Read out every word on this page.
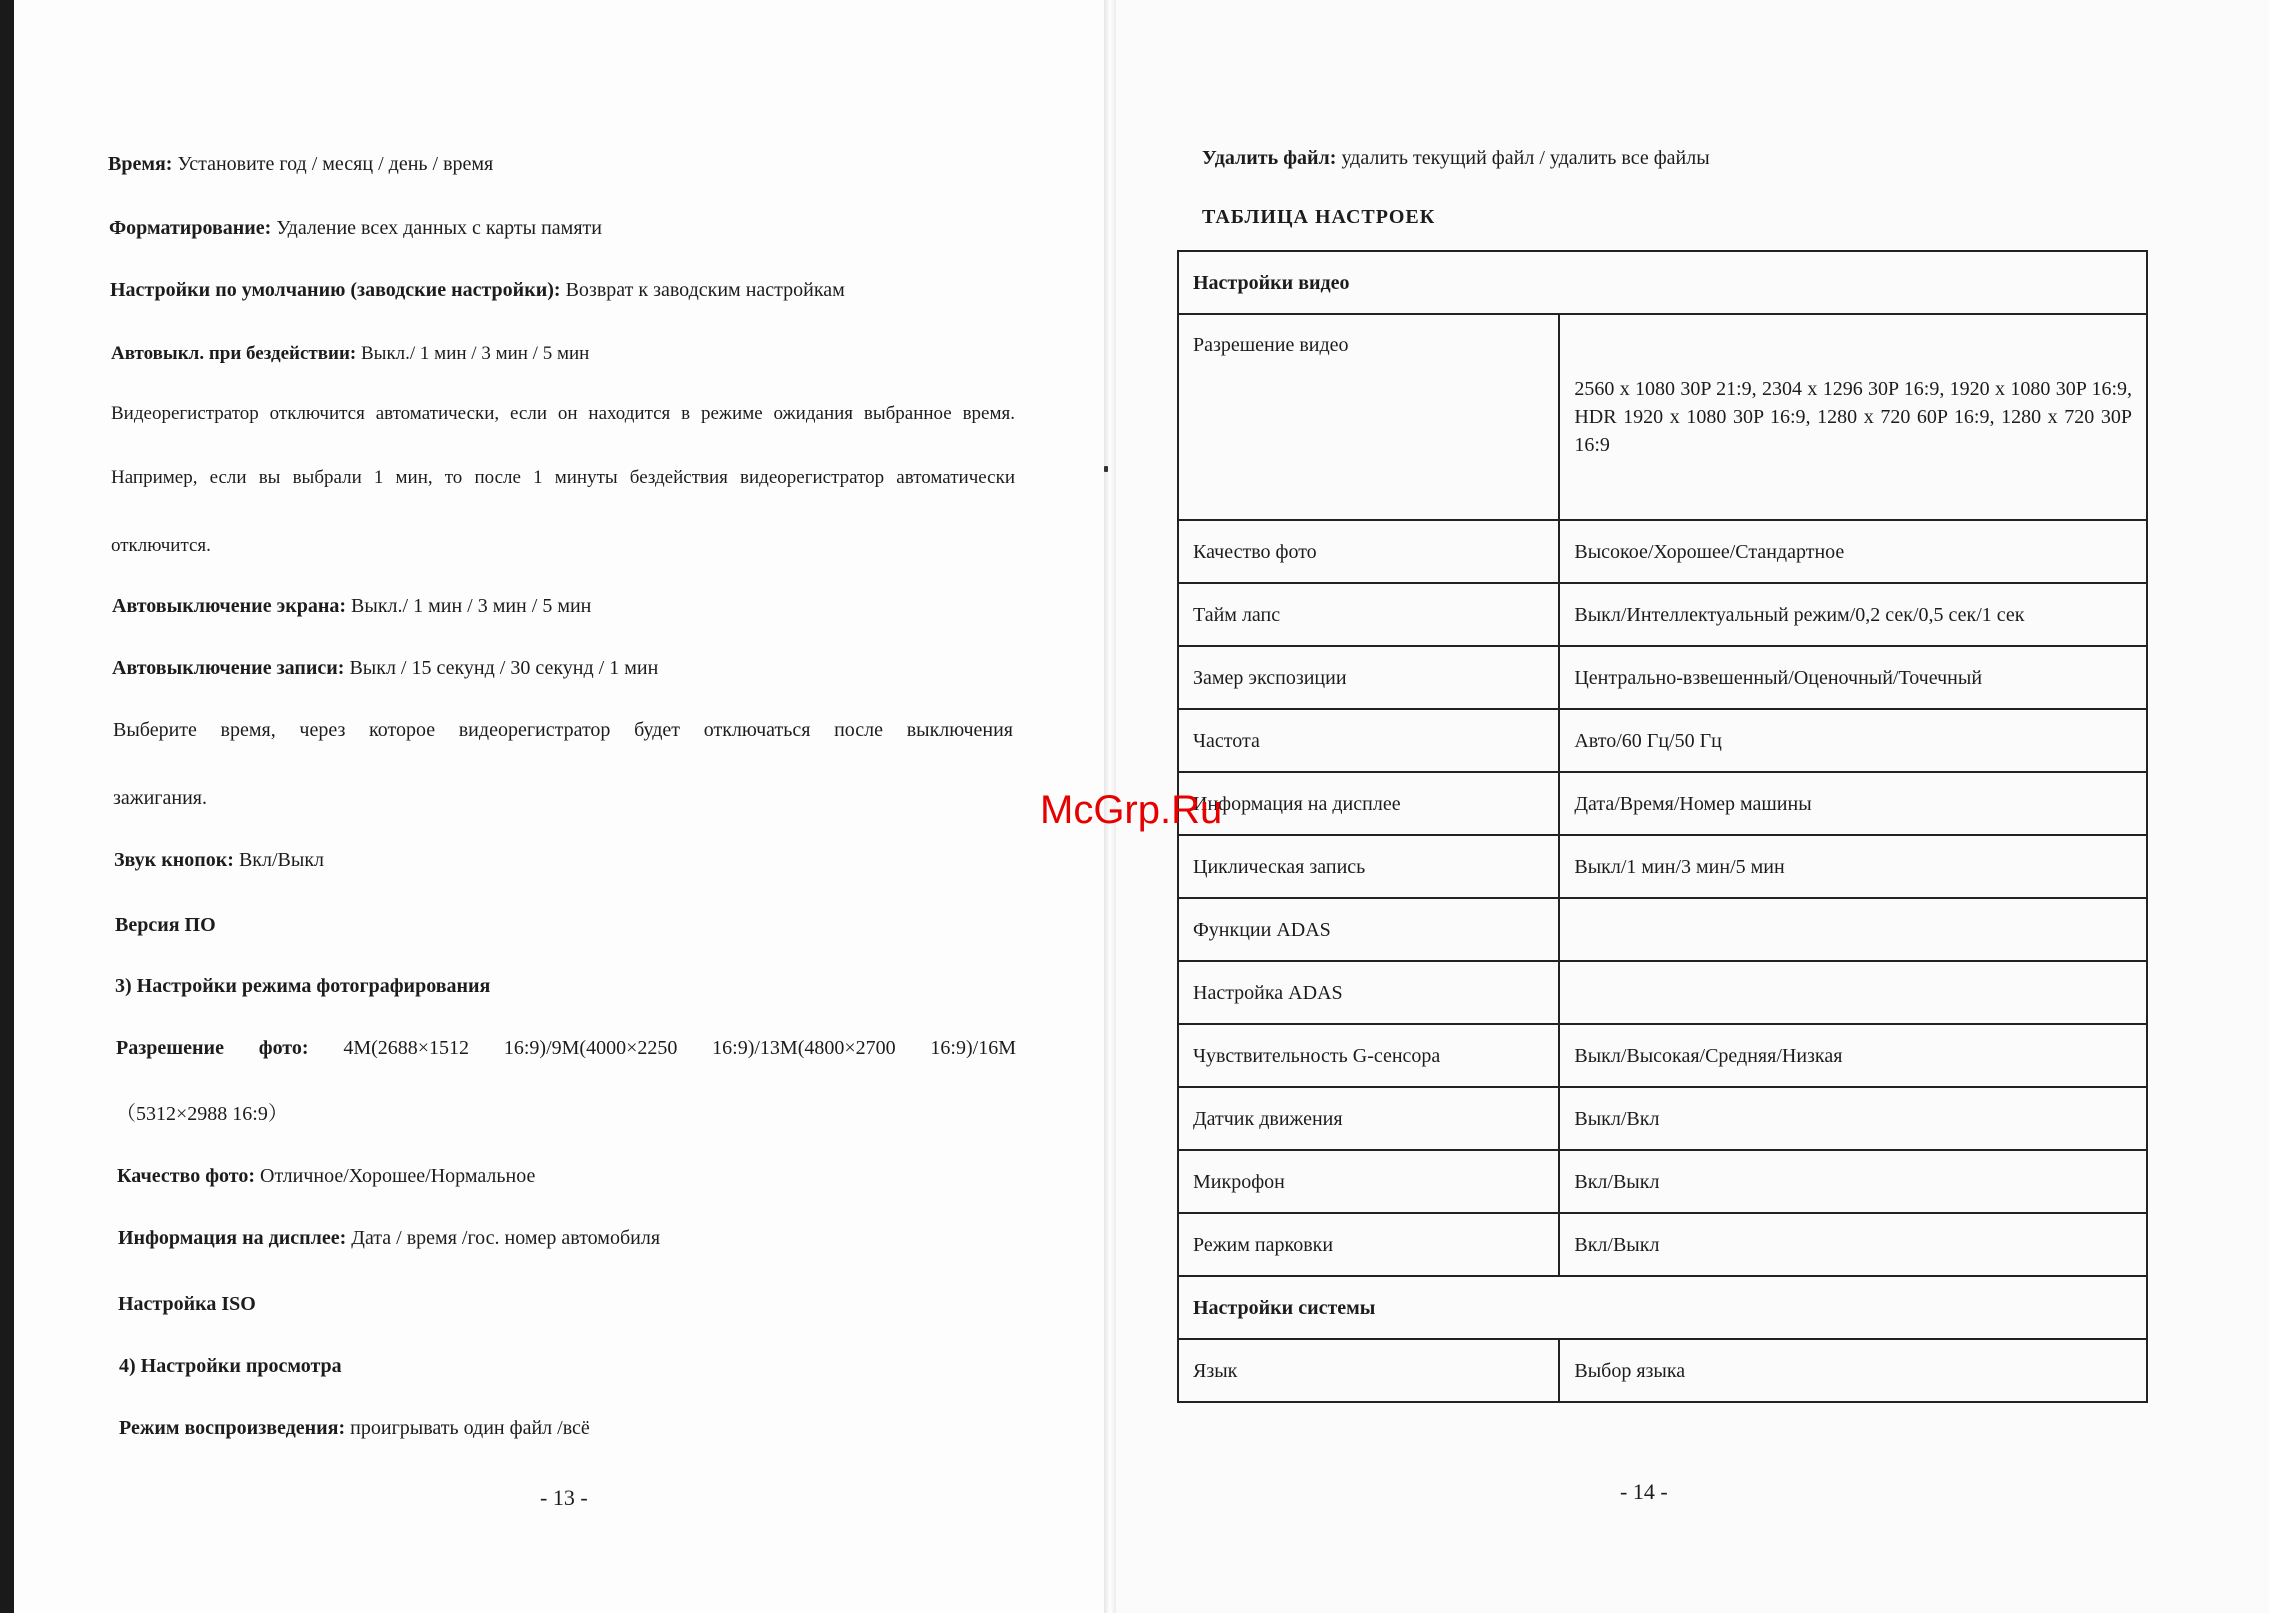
Время: Установите год / месяц / день / время

Форматирование: Удаление всех данных с карты памяти

Настройки по умолчанию (заводские настройки): Возврат к заводским настройкам

Автовыкл. при бездействии: Выкл./ 1 мин / 3 мин / 5 мин

Видеорегистратор отключится автоматически, если он находится в режиме ожидания выбранное время.

Например, если вы выбрали 1 мин, то после 1 минуты бездействия видеорегистратор автоматически

отключится.

Автовыключение экрана: Выкл./ 1 мин / 3 мин / 5 мин

Автовыключение записи: Выкл / 15 секунд / 30 секунд / 1 мин

Выберите время, через которое видеорегистратор будет отключаться после выключения

зажигания.

Звук кнопок: Вкл/Выкл

Версия ПО

3) Настройки режима фотографирования

Разрешение фото: 4M(2688×1512 16:9)/9M(4000×2250 16:9)/13M(4800×2700 16:9)/16M

（5312×2988 16:9）

Качество фото: Отличное/Хорошее/Нормальное

Информация на дисплее: Дата / время /гос. номер автомобиля

Настройка ISO

4) Настройки просмотра

Режим воспроизведения: проигрывать один файл /всё

- 13 -

Удалить файл: удалить текущий файл / удалить все файлы

ТАБЛИЦА НАСТРОЕК
Настройки видео	
Разрешение видео	2560 x 1080 30P 21:9, 2304 x 1296 30P 16:9, 1920 x 1080 30P 16:9, HDR 1920 x 1080 30P 16:9, 1280 x 720 60P 16:9, 1280 x 720 30P 16:9
Качество фото	Высокое/Хорошее/Стандартное
Тайм лапс	Выкл/Интеллектуальный режим/0,2 сек/0,5 сек/1 сек
Замер экспозиции	Центрально-взвешенный/Оценочный/Точечный
Частота	Авто/60 Гц/50 Гц
Информация на дисплее	Дата/Время/Номер машины
Циклическая запись	Выкл/1 мин/3 мин/5 мин
Функции ADAS	
Настройка ADAS	
Чувствительность G-сенсора	Выкл/Высокая/Средняя/Низкая
Датчик движения	Выкл/Вкл
Микрофон	Вкл/Выкл
Режим парковки	Вкл/Выкл
Настройки системы	
Язык	Выбор языка
- 14 -
McGrp.Ru
